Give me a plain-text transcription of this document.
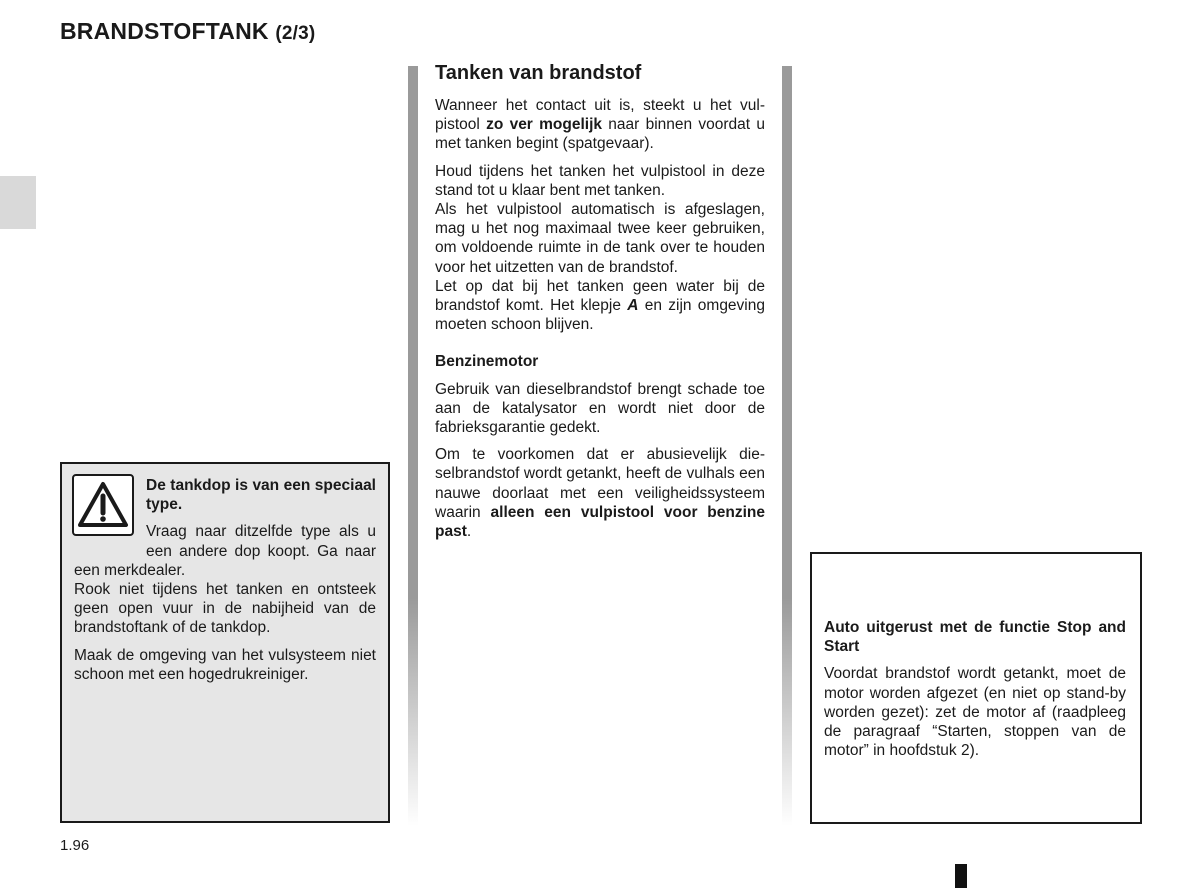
BRANDSTOFTANK (2/3)
Tanken van brandstof

Wanneer het contact uit is, steekt u het vulpistool zo ver mogelijk naar binnen voordat u met tanken begint (spatgevaar).

Houd tijdens het tanken het vulpistool in deze stand tot u klaar bent met tanken.

Als het vulpistool automatisch is afgeslagen, mag u het nog maximaal twee keer gebruiken, om voldoende ruimte in de tank over te houden voor het uitzetten van de brandstof.

Let op dat bij het tanken geen water bij de brandstof komt. Het klepje A en zijn omgeving moeten schoon blijven.

Benzinemotor

Gebruik van dieselbrandstof brengt schade toe aan de katalysator en wordt niet door de fabrieksgarantie gedekt.

Om te voorkomen dat er abusievelijk dieselbrandstof wordt getankt, heeft de vulhals een nauwe doorlaat met een veiligheidssysteem waarin alleen een vulpistool voor benzine past.

De tankdop is van een speciaal type.

Vraag naar ditzelfde type als u een andere dop koopt. Ga naar een merkdealer.

Rook niet tijdens het tanken en ontsteek geen open vuur in de nabijheid van de brandstoftank of de tankdop.

Maak de omgeving van het vulsysteem niet schoon met een hogedrukreiniger.

Auto uitgerust met de functie Stop and Start

Voordat brandstof wordt getankt, moet de motor worden afgezet (en niet op stand-by worden gezet): zet de motor af (raadpleeg de paragraaf “Starten, stoppen van de motor” in hoofdstuk 2).

1.96
